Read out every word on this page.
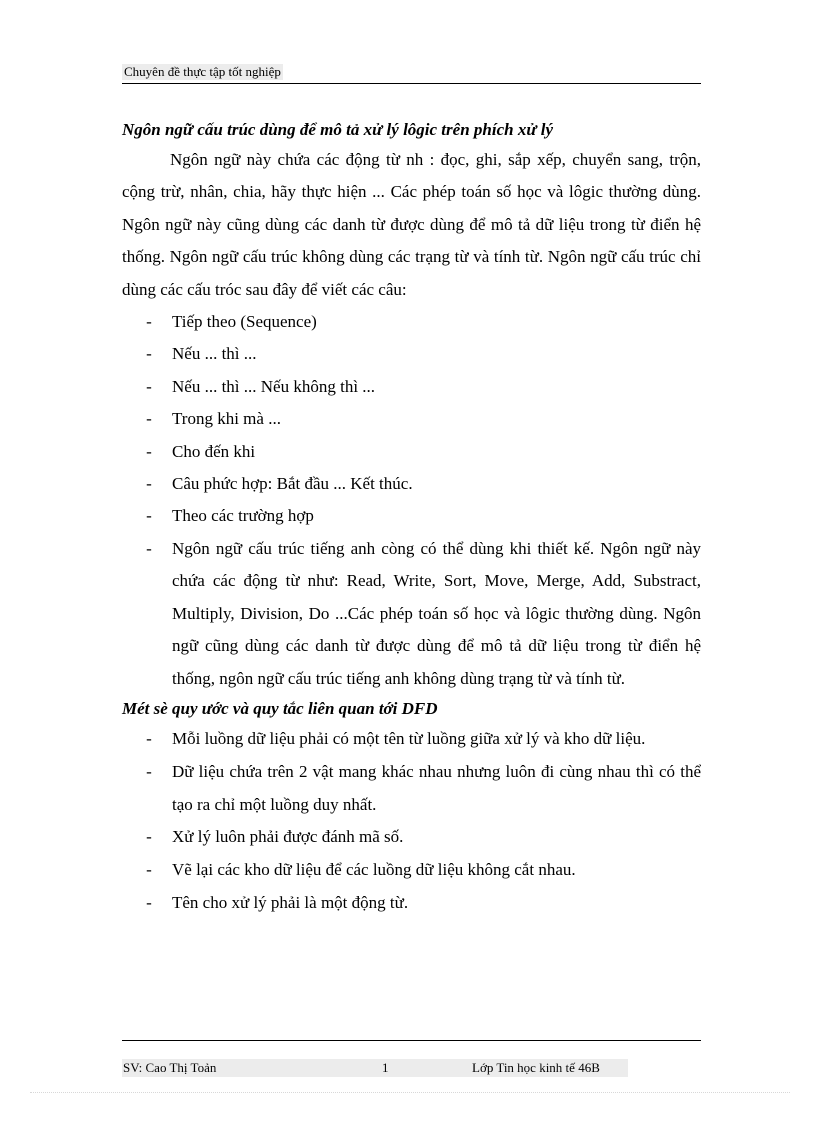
Chuyên đề thực tập tốt nghiệp

Ngôn ngữ cấu trúc dùng để mô tả xử lý lôgic trên phích xử lý

Ngôn ngữ này chứa các động từ nh : đọc, ghi, sắp xếp, chuyển sang, trộn, cộng trừ, nhân, chia, hãy thực hiện ... Các phép toán số học và lôgic thường dùng. Ngôn ngữ này cũng dùng các danh từ được dùng để mô tả dữ liệu trong từ điển hệ thống. Ngôn ngữ cấu trúc không dùng các trạng từ và tính từ. Ngôn ngữ cấu trúc chỉ dùng các cấu tróc sau đây để viết các câu:

- Tiếp theo (Sequence)
- Nếu ... thì ...
- Nếu ... thì ... Nếu không thì ...
- Trong khi mà ...
- Cho đến khi
- Câu phức hợp: Bắt đầu ... Kết thúc.
- Theo các trường hợp
- Ngôn ngữ cấu trúc tiếng anh còng có thể dùng khi thiết kế. Ngôn ngữ này chứa các động từ như: Read, Write, Sort, Move, Merge, Add, Substract, Multiply, Division, Do ...Các phép toán số học và lôgic thường dùng. Ngôn ngữ cũng dùng các danh từ được dùng để mô tả dữ liệu trong từ điển hệ thống, ngôn ngữ cấu trúc tiếng anh không dùng trạng từ và tính từ.

Mét sè quy ước và quy tắc liên quan tới DFD

- Mỗi luồng dữ liệu phải có một tên từ luồng giữa xử lý và kho dữ liệu.
- Dữ liệu chứa trên 2 vật mang khác nhau nhưng luôn đi cùng nhau thì có thể tạo ra chỉ một luồng duy nhất.
- Xử lý luôn phải được đánh mã số.
- Vẽ lại các kho dữ liệu để các luồng dữ liệu không cắt nhau.
- Tên cho xử lý phải là một động từ.
SV: Cao Thị Toản	1	Lớp Tin học kinh tế 46B
